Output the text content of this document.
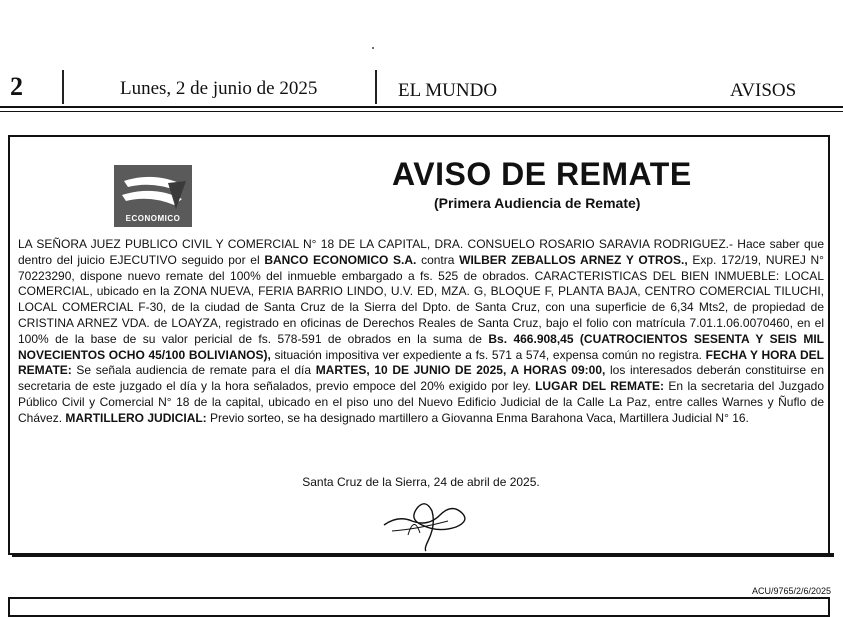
2	Lunes, 2 de junio de 2025	EL MUNDO	AVISOS
ECONOMICO
AVISO DE REMATE
(Primera Audiencia de Remate)
LA SEÑORA JUEZ PUBLICO CIVIL Y COMERCIAL N° 18 DE LA CAPITAL, DRA. CONSUELO ROSARIO SARAVIA RODRIGUEZ.- Hace saber que dentro del juicio EJECUTIVO seguido por el BANCO ECONOMICO S.A. contra WILBER ZEBALLOS ARNEZ Y OTROS., Exp. 172/19, NUREJ N° 70223290, dispone nuevo remate del 100% del inmueble embargado a fs. 525 de obrados. CARACTERISTICAS DEL BIEN INMUEBLE: LOCAL COMERCIAL, ubicado en la ZONA NUEVA, FERIA BARRIO LINDO, U.V. ED, MZA. G, BLOQUE F, PLANTA BAJA, CENTRO COMERCIAL TILUCHI, LOCAL COMERCIAL F-30, de la ciudad de Santa Cruz de la Sierra del Dpto. de Santa Cruz, con una superficie de 6,34 Mts2, de propiedad de CRISTINA ARNEZ VDA. de LOAYZA, registrado en oficinas de Derechos Reales de Santa Cruz, bajo el folio con matrícula 7.01.1.06.0070460, en el 100% de la base de su valor pericial de fs. 578-591 de obrados en la suma de Bs. 466.908,45 (CUATROCIENTOS SESENTA Y SEIS MIL NOVECIENTOS OCHO 45/100 BOLIVIANOS), situación impositiva ver expediente a fs. 571 a 574, expensa común no registra. FECHA Y HORA DEL REMATE: Se señala audiencia de remate para el día MARTES, 10 DE JUNIO DE 2025, A HORAS 09:00, los interesados deberán constituirse en secretaria de este juzgado el día y la hora señalados, previo empoce del 20% exigido por ley. LUGAR DEL REMATE: En la secretaria del Juzgado Público Civil y Comercial N° 18 de la capital, ubicado en el piso uno del Nuevo Edificio Judicial de la Calle La Paz, entre calles Warnes y Ñuflo de Chávez. MARTILLERO JUDICIAL: Previo sorteo, se ha designado martillero a Giovanna Enma Barahona Vaca, Martillera Judicial N° 16.
Santa Cruz de la Sierra, 24 de abril de 2025.
ACU/9765/2/6/2025
